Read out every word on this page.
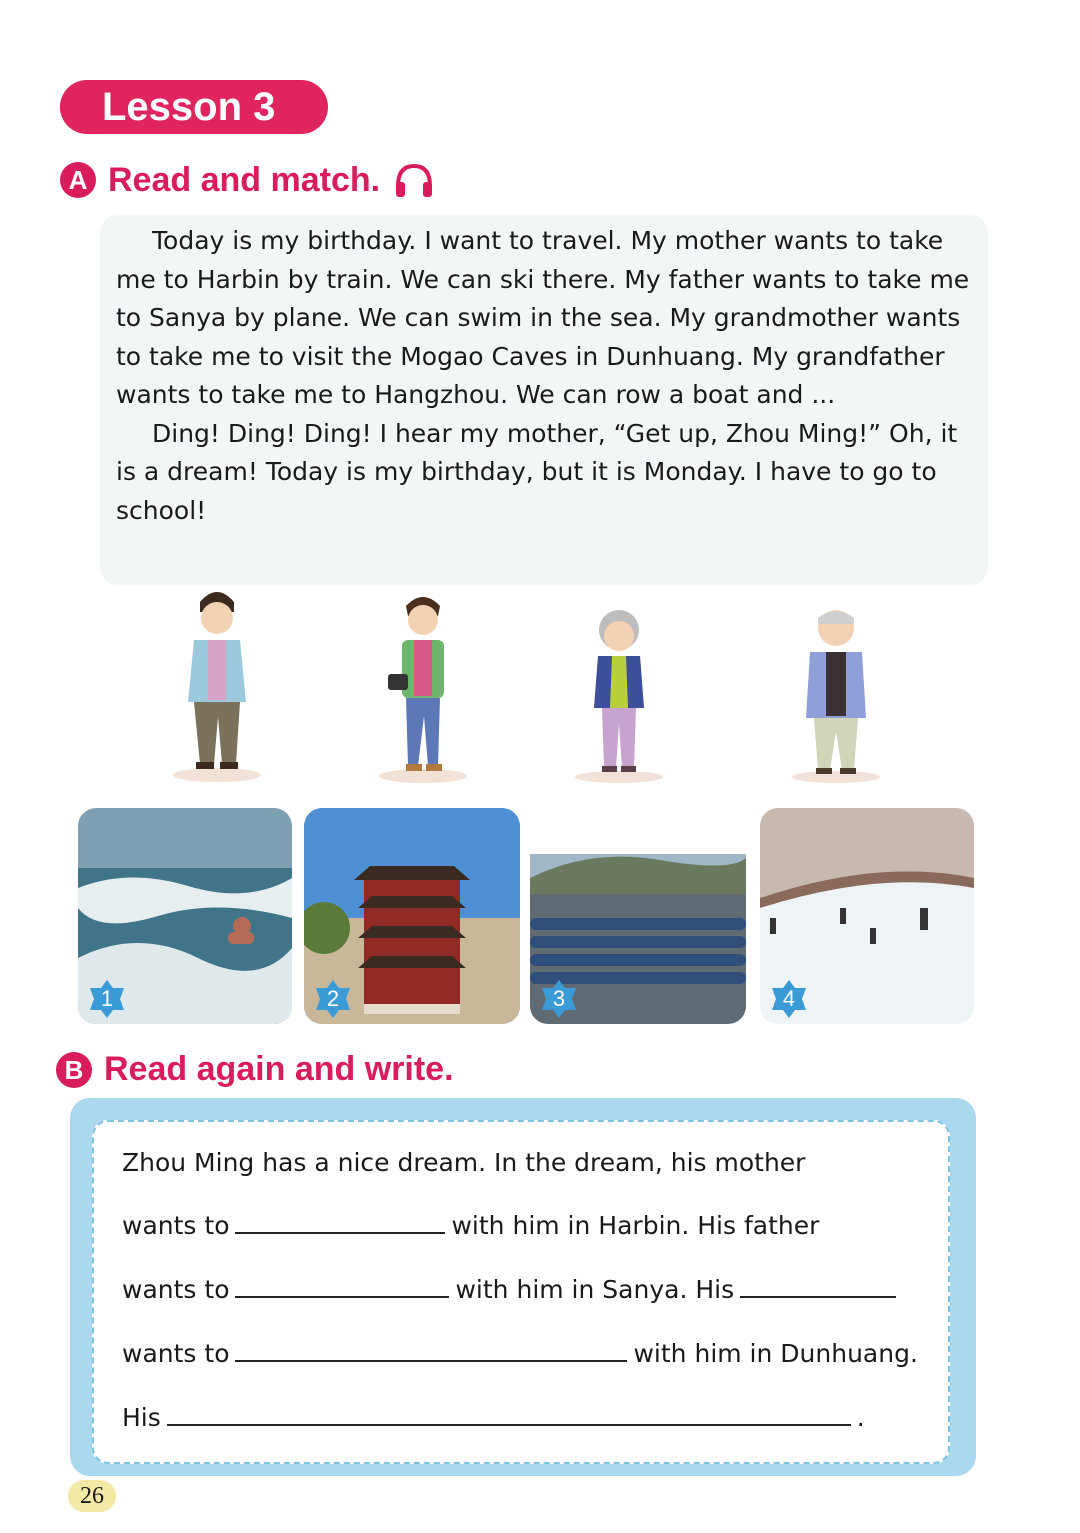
Lesson 3
A Read and match.

Today is my birthday. I want to travel. My mother wants to take me to Harbin by train. We can ski there. My father wants to take me to Sanya by plane. We can swim in the sea. My grandmother wants to take me to visit the Mogao Caves in Dunhuang. My grandfather wants to take me to Hangzhou. We can row a boat and ...

Ding! Ding! Ding! I hear my mother, “Get up, Zhou Ming!” Oh, it is a dream! Today is my birthday, but it is Monday. I have to go to school!

1	2	3	4
B Read again and write.
Zhou Ming has a nice dream. In the dream, his mother
wants to	with him in Harbin. His father
wants to	with him in Sanya. His
wants to	with him in Dunhuang.
His	.
26
